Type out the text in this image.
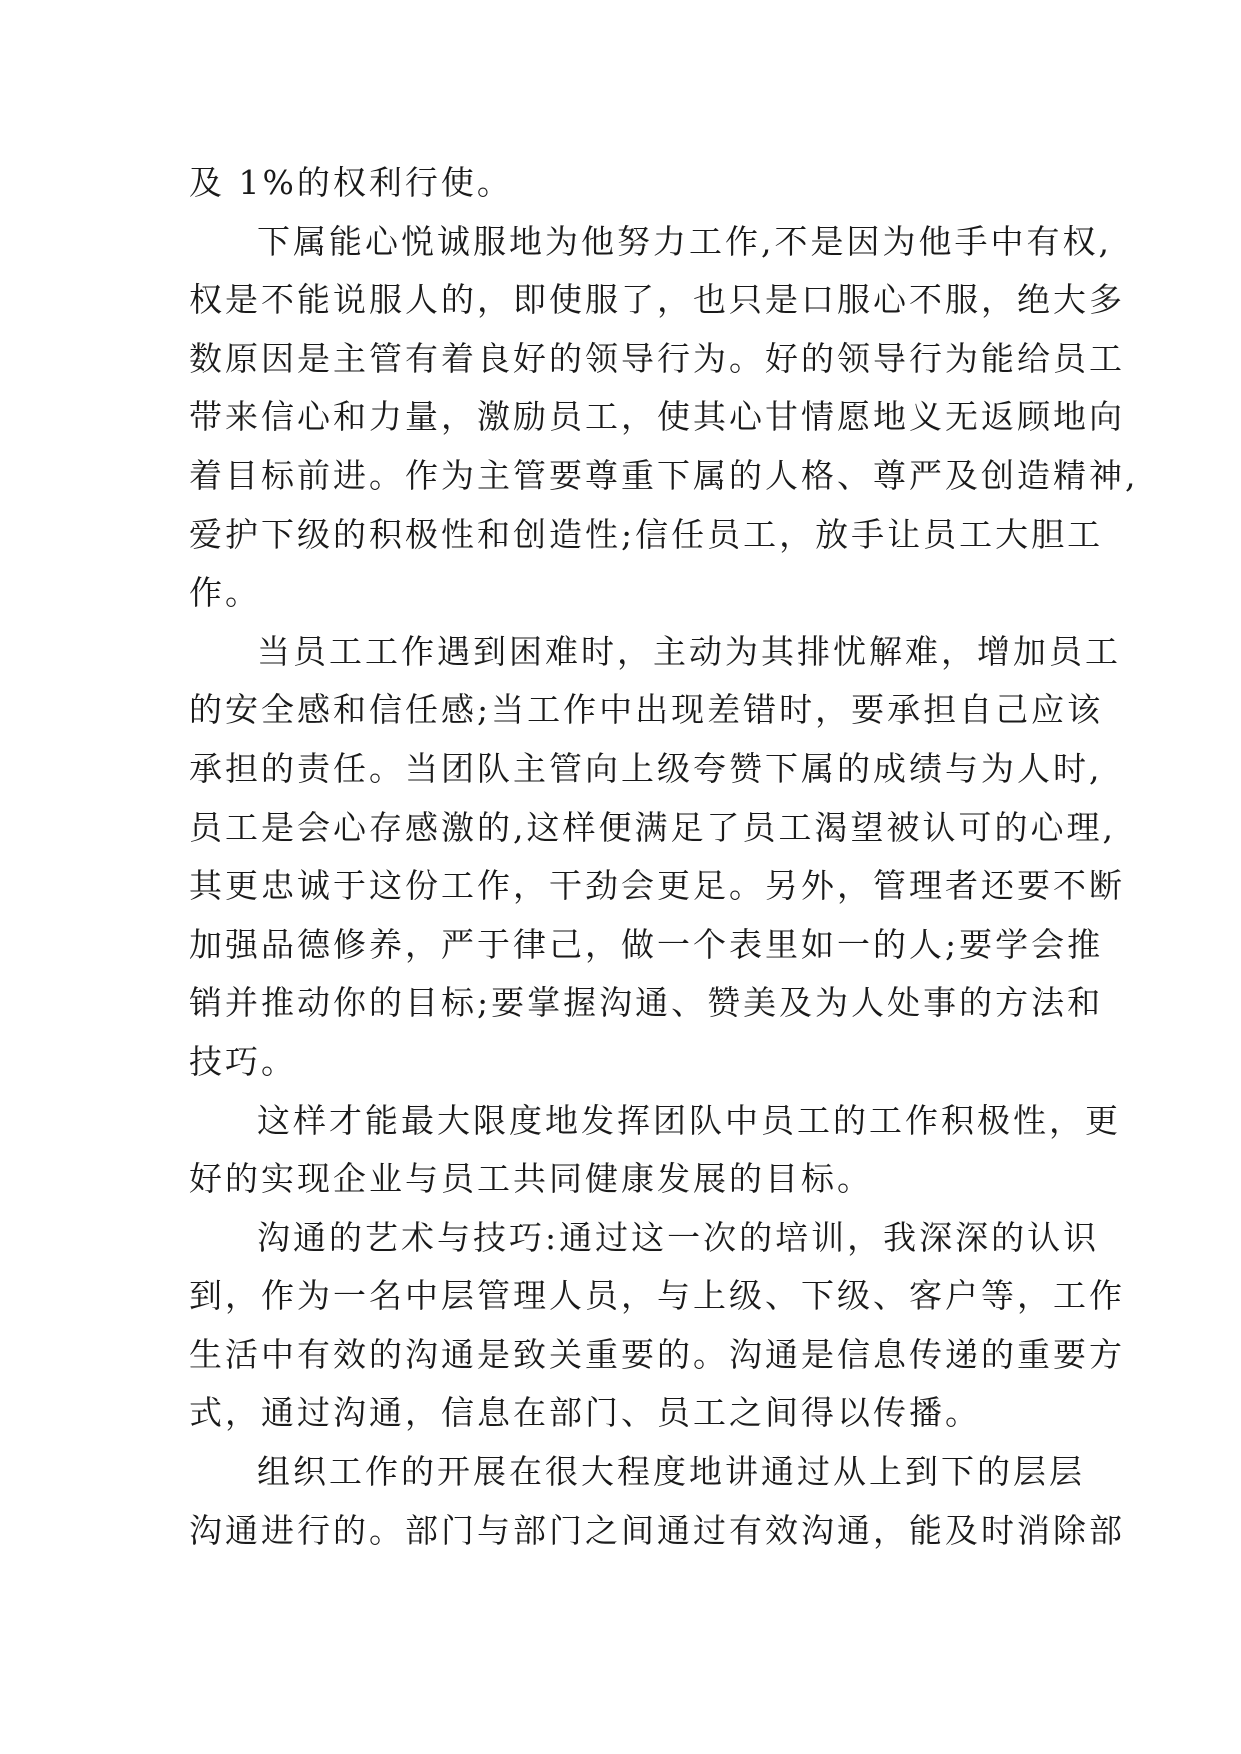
及 1%的权利行使。
下属能心悦诚服地为他努力工作,不是因为他手中有权,
权是不能说服人的，即使服了，也只是口服心不服，绝大多
数原因是主管有着良好的领导行为。好的领导行为能给员工
带来信心和力量，激励员工，使其心甘情愿地义无返顾地向
着目标前进。作为主管要尊重下属的人格、尊严及创造精神,
爱护下级的积极性和创造性;信任员工，放手让员工大胆工
作。
当员工工作遇到困难时，主动为其排忧解难，增加员工
的安全感和信任感;当工作中出现差错时，要承担自己应该
承担的责任。当团队主管向上级夸赞下属的成绩与为人时,
员工是会心存感激的,这样便满足了员工渴望被认可的心理,
其更忠诚于这份工作，干劲会更足。另外，管理者还要不断
加强品德修养，严于律己，做一个表里如一的人;要学会推
销并推动你的目标;要掌握沟通、赞美及为人处事的方法和
技巧。
这样才能最大限度地发挥团队中员工的工作积极性，更
好的实现企业与员工共同健康发展的目标。
沟通的艺术与技巧:通过这一次的培训，我深深的认识
到，作为一名中层管理人员，与上级、下级、客户等，工作
生活中有效的沟通是致关重要的。沟通是信息传递的重要方
式，通过沟通，信息在部门、员工之间得以传播。
组织工作的开展在很大程度地讲通过从上到下的层层
沟通进行的。部门与部门之间通过有效沟通，能及时消除部
